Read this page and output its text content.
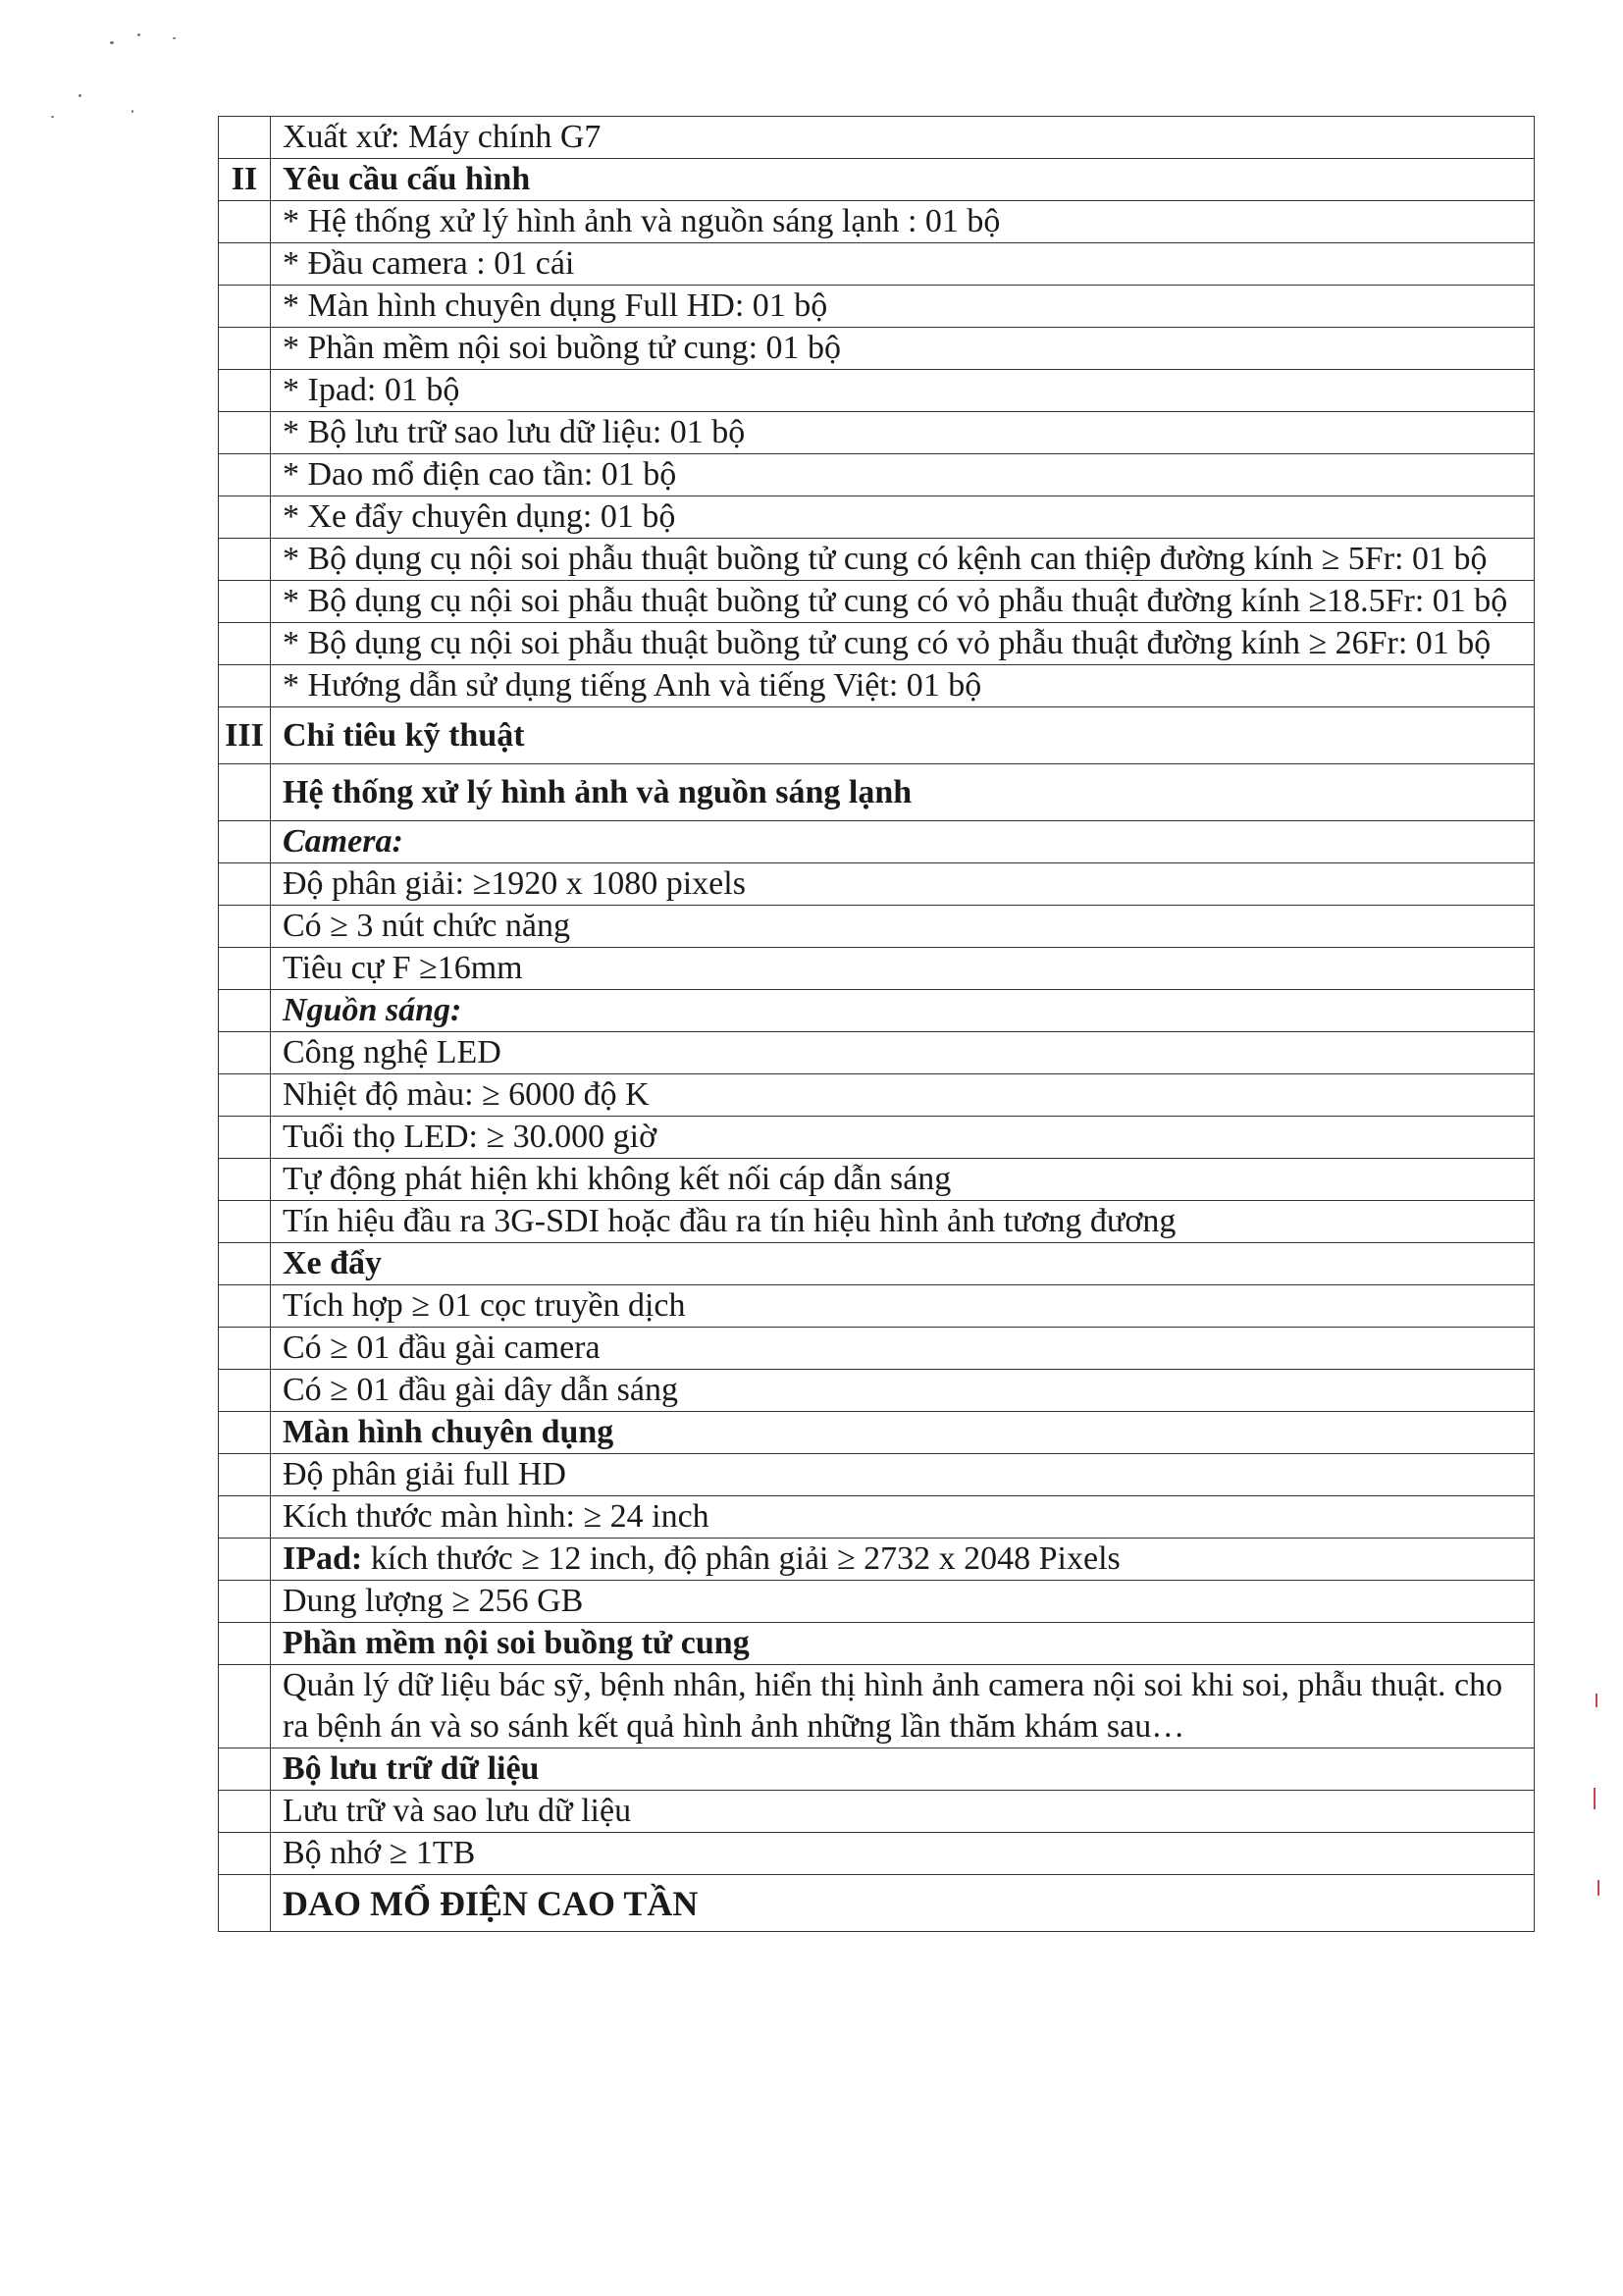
	Xuất xứ: Máy chính G7
II	Yêu cầu cấu hình
	* Hệ thống xử lý hình ảnh và nguồn sáng lạnh : 01 bộ
	* Đầu camera : 01 cái
	* Màn hình chuyên dụng Full HD: 01 bộ
	* Phần mềm nội soi buồng tử cung: 01 bộ
	* Ipad: 01 bộ
	* Bộ lưu trữ sao lưu dữ liệu: 01 bộ
	* Dao mổ điện cao tần: 01 bộ
	* Xe đẩy chuyên dụng: 01 bộ
	* Bộ dụng cụ nội soi phẫu thuật buồng tử cung có kệnh can thiệp đường kính ≥ 5Fr: 01 bộ
	* Bộ dụng cụ nội soi phẫu thuật buồng tử cung có vỏ phẫu thuật đường kính ≥18.5Fr: 01 bộ
	* Bộ dụng cụ nội soi phẫu thuật buồng tử cung có vỏ phẫu thuật đường kính ≥ 26Fr: 01 bộ
	* Hướng dẫn sử dụng tiếng Anh và tiếng Việt: 01 bộ
III	Chỉ tiêu kỹ thuật
	Hệ thống xử lý hình ảnh và nguồn sáng lạnh
	Camera:
	Độ phân giải: ≥1920 x 1080 pixels
	Có ≥ 3 nút chức năng
	Tiêu cự F ≥16mm
	Nguồn sáng:
	Công nghệ LED
	Nhiệt độ màu: ≥ 6000 độ K
	Tuổi thọ LED: ≥ 30.000 giờ
	Tự động phát hiện khi không kết nối cáp dẫn sáng
	Tín hiệu đầu ra 3G-SDI hoặc đầu ra tín hiệu hình ảnh tương đương
	Xe đẩy
	Tích hợp ≥ 01 cọc truyền dịch
	Có ≥ 01 đầu gài camera
	Có ≥ 01 đầu gài dây dẫn sáng
	Màn hình chuyên dụng
	Độ phân giải full HD
	Kích thước màn hình: ≥ 24 inch
	IPad: kích thước ≥ 12 inch, độ phân giải ≥ 2732 x 2048 Pixels
	Dung lượng ≥ 256 GB
	Phần mềm nội soi buồng tử cung
	Quản lý dữ liệu bác sỹ, bệnh nhân, hiển thị hình ảnh camera nội soi khi soi, phẫu thuật. cho ra bệnh án và so sánh kết quả hình ảnh những lần thăm khám sau…
	Bộ lưu trữ dữ liệu
	Lưu trữ và sao lưu dữ liệu
	Bộ nhớ ≥ 1TB
	DAO MỔ ĐIỆN CAO TẦN
